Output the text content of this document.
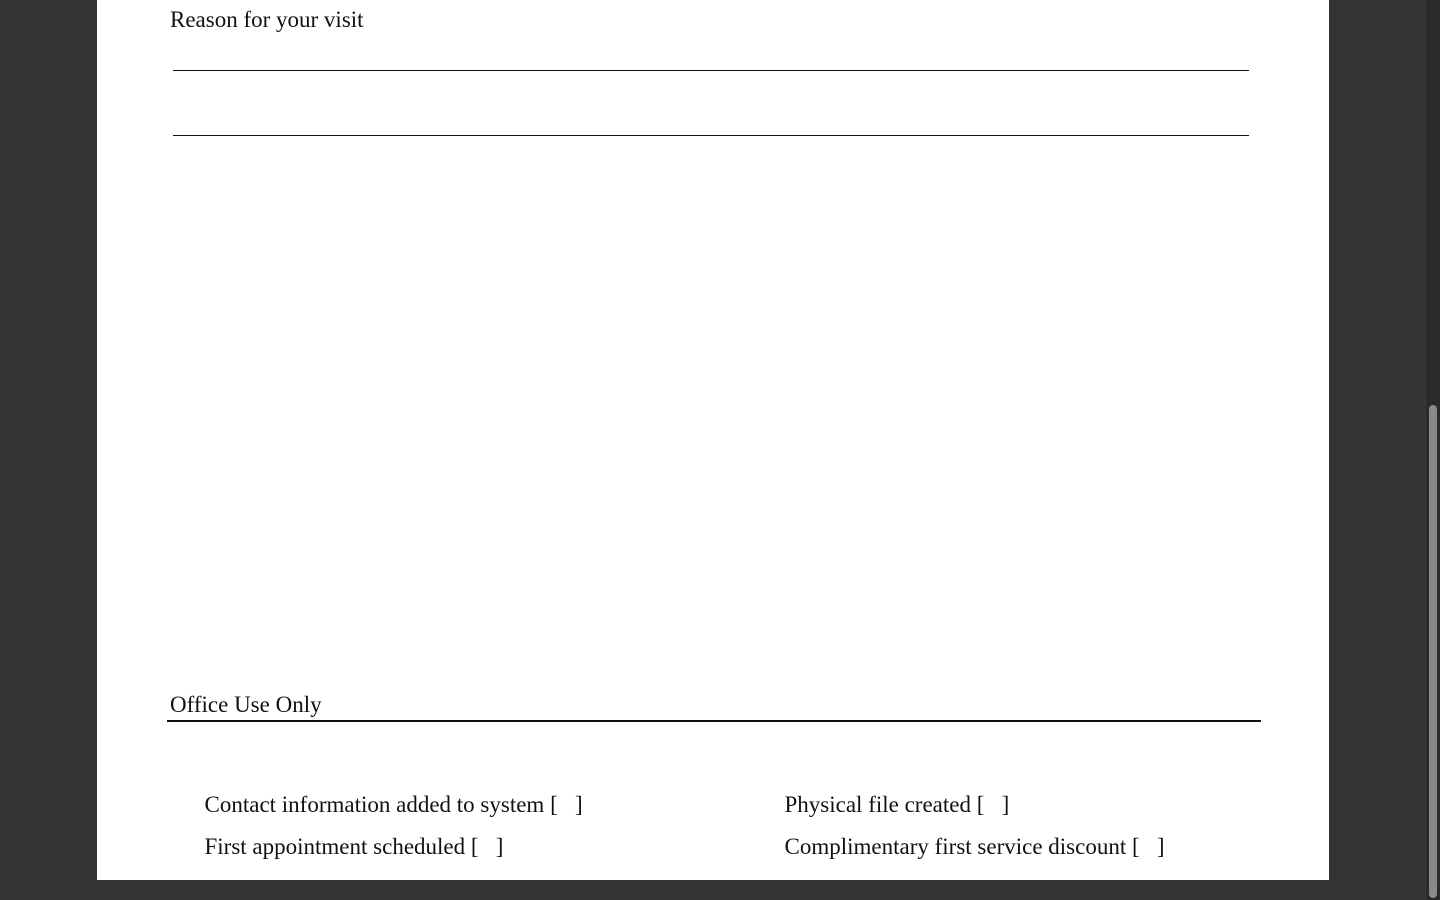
Reason for your visit
Office Use Only

Contact information added to system [   ]
	Physical file created [   ]

First appointment scheduled [   ]
	Complimentary first service discount [   ]
